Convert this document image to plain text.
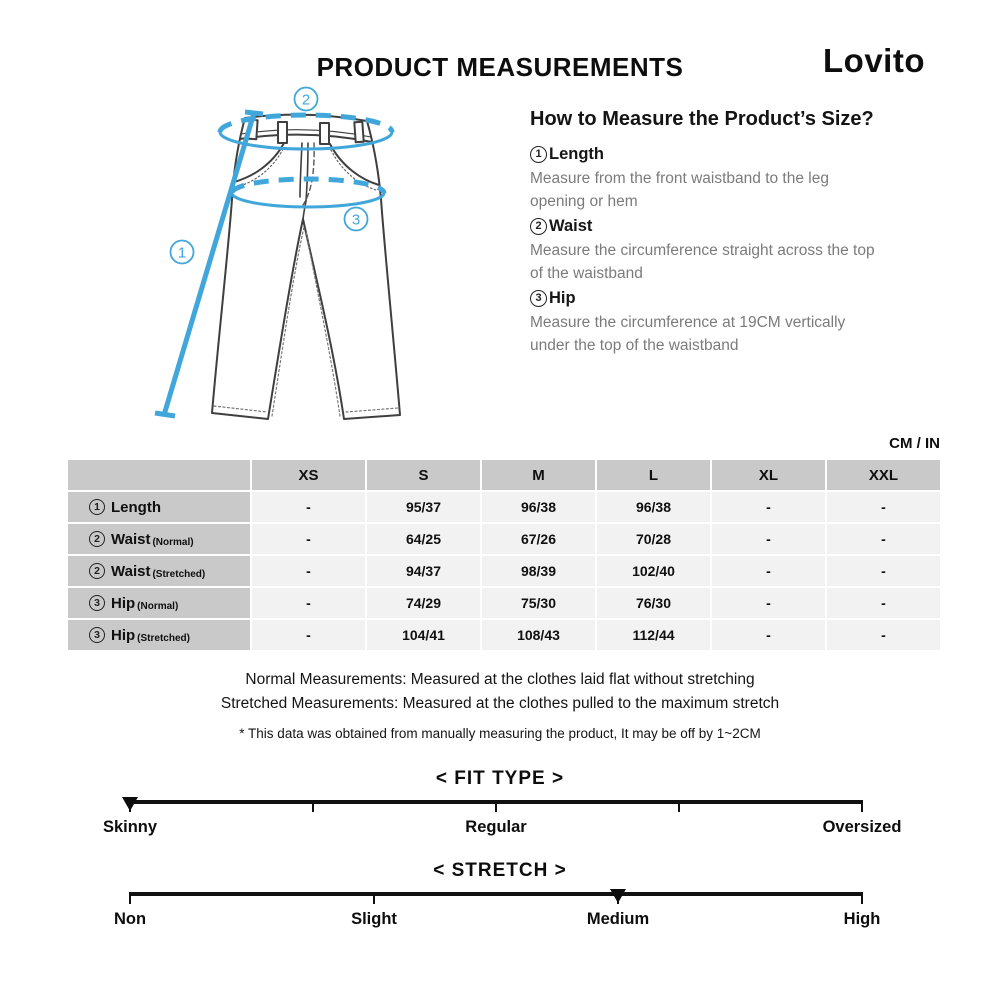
PRODUCT MEASUREMENTS	Lovito
2
3
1
How to Measure the Product’s Size?
1 Length
Measure from the front waistband to the leg opening or hem
2 Waist
Measure the circumference straight across the top of the waistband
3 Hip
Measure the circumference at 19CM vertically under the top of the waistband
CM / IN
XS	S	M	L	XL	XXL
1 Length	-	95/37	96/38	96/38	-	-
2 Waist (Normal)	-	64/25	67/26	70/28	-	-
2 Waist (Stretched)	-	94/37	98/39	102/40	-	-
3 Hip (Normal)	-	74/29	75/30	76/30	-	-
3 Hip (Stretched)	-	104/41	108/43	112/44	-	-
Normal Measurements: Measured at the clothes laid flat without stretching
Stretched Measurements: Measured at the clothes pulled to the maximum stretch
* This data was obtained from manually measuring the product, It may be off by 1~2CM
< FIT TYPE >
Skinny	Regular	Oversized
< STRETCH >
Non	Slight	Medium	High
